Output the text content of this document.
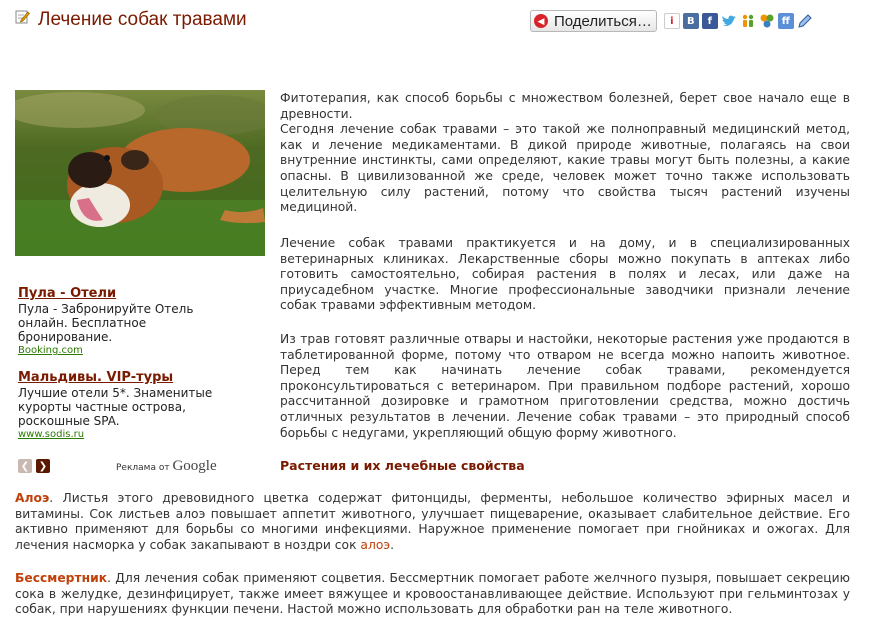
Лечение собак травами	◀ Поделиться…	i	B	f	ff
Пула - Отели
Пула - Забронируйте Отель онлайн. Бесплатное бронирование.
Booking.com
Мальдивы. VIP-туры
Лучшие отели 5*. Знаменитые курорты частные острова, роскошные SPA.
www.sodis.ru
❮ ❯	Реклама от Google

Фитотерапия, как способ борьбы с множеством болезней, берет свое начало еще в древности.

Сегодня лечение собак травами – это такой же полноправный медицинский метод, как и лечение медикаментами. В дикой природе животные, полагаясь на свои внутренние инстинкты, сами определяют, какие травы могут быть полезны, а какие опасны. В цивилизованной же среде, человек может точно также использовать целительную силу растений, потому что свойства тысяч растений изучены медициной.

Лечение собак травами практикуется и на дому, и в специализированных ветеринарных клиниках. Лекарственные сборы можно покупать в аптеках либо готовить самостоятельно, собирая растения в полях и лесах, или даже на приусадебном участке. Многие профессиональные заводчики признали лечение собак травами эффективным методом.

Из трав готовят различные отвары и настойки, некоторые растения уже продаются в таблетированной форме, потому что отваром не всегда можно напоить животное. Перед тем как начинать лечение собак травами, рекомендуется проконсультироваться с ветеринаром. При правильном подборе растений, хорошо рассчитанной дозировке и грамотном приготовлении средства, можно достичь отличных результатов в лечении. Лечение собак травами – это природный способ борьбы с недугами, укрепляющий общую форму животного.

Растения и их лечебные свойства

Алоэ. Листья этого древовидного цветка содержат фитонциды, ферменты, небольшое количество эфирных масел и витамины. Сок листьев алоэ повышает аппетит животного, улучшает пищеварение, оказывает слабительное действие. Его активно применяют для борьбы со многими инфекциями. Наружное применение помогает при гнойниках и ожогах. Для лечения насморка у собак закапывают в ноздри сок алоэ.

Бессмертник. Для лечения собак применяют соцветия. Бессмертник помогает работе желчного пузыря, повышает секрецию сока в желудке, дезинфицирует, также имеет вяжущее и кровоостанавливающее действие. Используют при гельминтозах у собак, при нарушениях функции печени. Настой можно использовать для обработки ран на теле животного.
